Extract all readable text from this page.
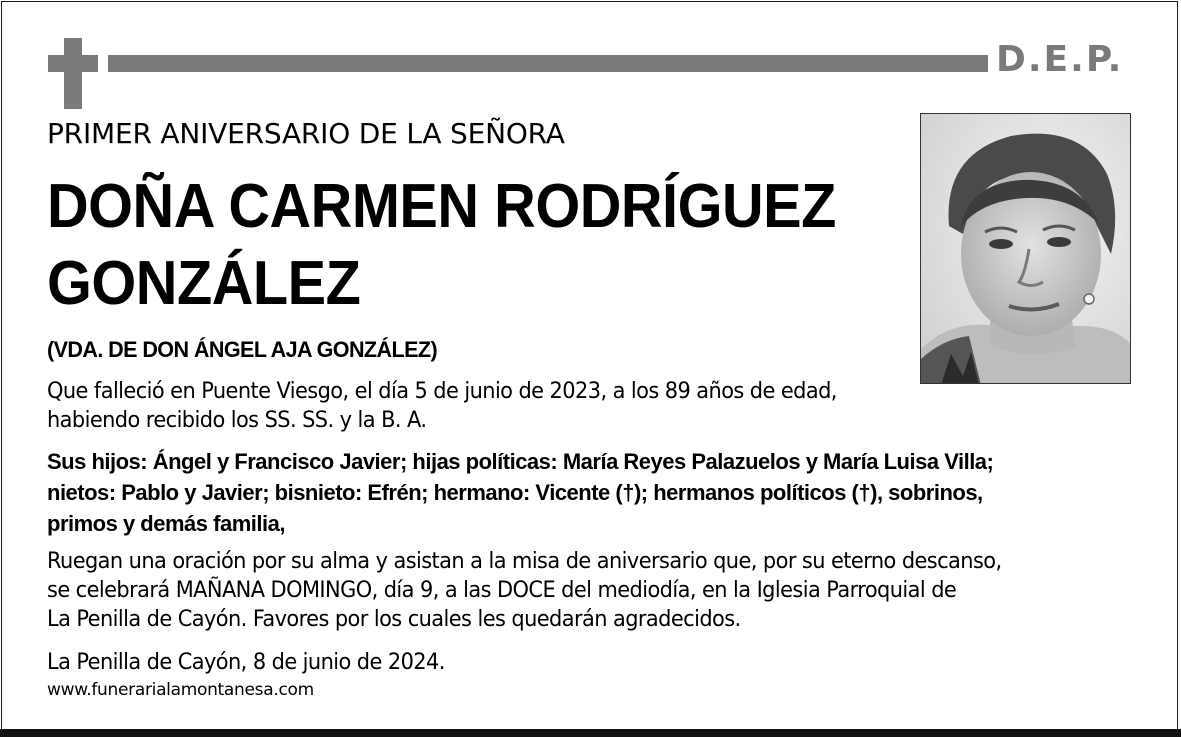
D.E.P.
PRIMER ANIVERSARIO DE LA SEÑORA
DOÑA CARMEN RODRÍGUEZ
GONZÁLEZ
(VDA. DE DON ÁNGEL AJA GONZÁLEZ)
Que falleció en Puente Viesgo, el día 5 de junio de 2023, a los 89 años de edad,
habiendo recibido los SS. SS. y la B. A.
Sus hijos: Ángel y Francisco Javier; hijas políticas: María Reyes Palazuelos y María Luisa Villa;
nietos: Pablo y Javier; bisnieto: Efrén; hermano: Vicente (†); hermanos políticos (†), sobrinos,
primos y demás familia,
Ruegan una oración por su alma y asistan a la misa de aniversario que, por su eterno descanso,
se celebrará MAÑANA DOMINGO, día 9, a las DOCE del mediodía, en la Iglesia Parroquial de
La Penilla de Cayón. Favores por los cuales les quedarán agradecidos.
La Penilla de Cayón, 8 de junio de 2024.
www.funerarialamontanesa.com
